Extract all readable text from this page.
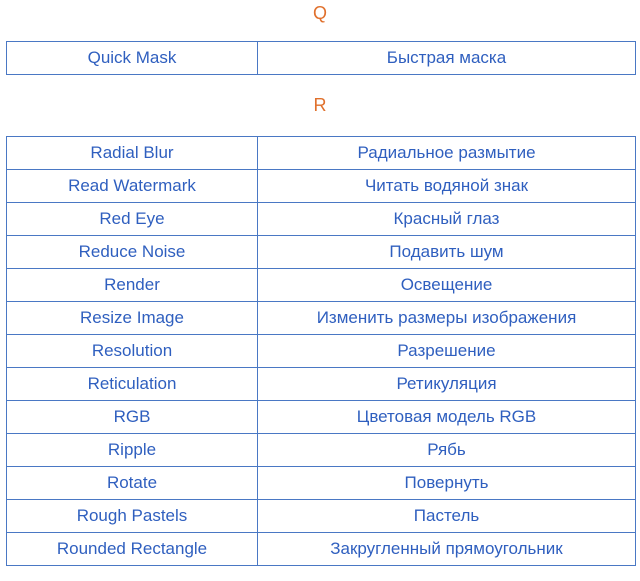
Q
Quick Mask	Быстрая маска
R
Radial Blur	Радиальное размытие
Read Watermark	Читать водяной знак
Red Eye	Красный глаз
Reduce Noise	Подавить шум
Render	Освещение
Resize Image	Изменить размеры изображения
Resolution	Разрешение
Reticulation	Ретикуляция
RGB	Цветовая модель RGB
Ripple	Рябь
Rotate	Повернуть
Rough Pastels	Пастель
Rounded Rectangle	Закругленный прямоугольник
